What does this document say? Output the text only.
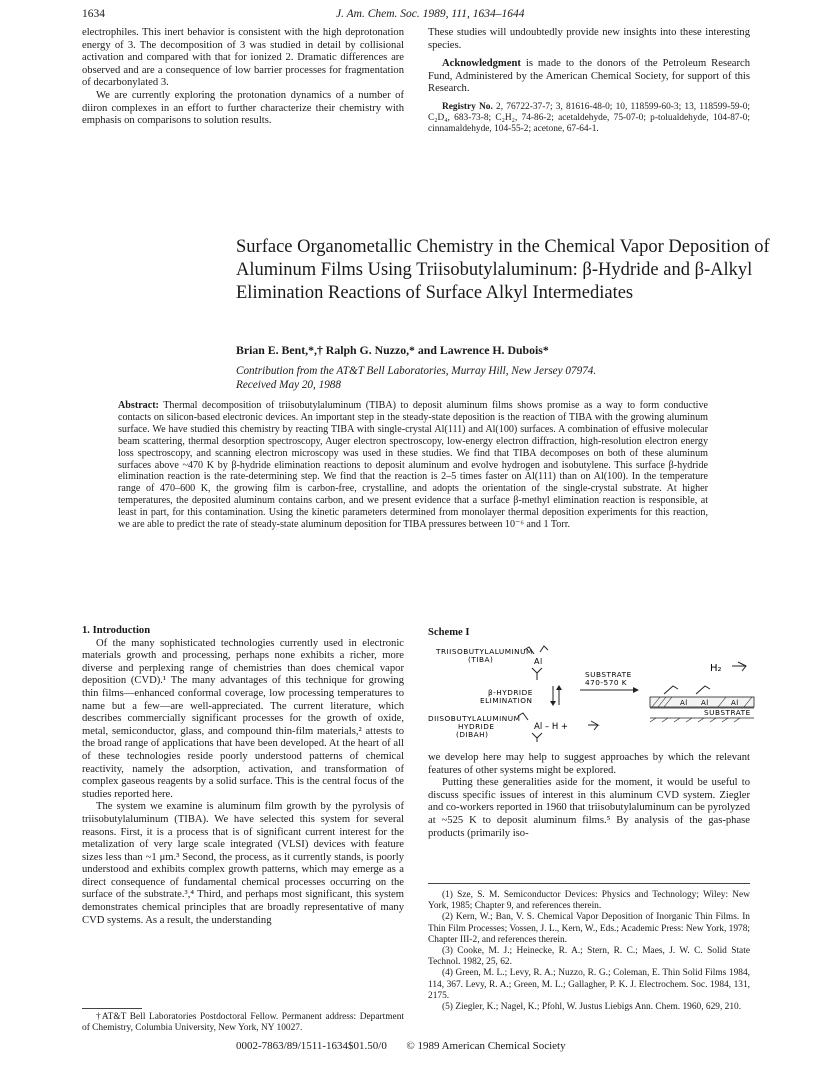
1634	J. Am. Chem. Soc. 1989, 111, 1634–1644

electrophiles. This inert behavior is consistent with the high deprotonation energy of 3. The decomposition of 3 was studied in detail by collisional activation and compared with that for ionized 2. Dramatic differences are observed and are a consequence of low barrier processes for fragmentation of decarbonylated 3.

We are currently exploring the protonation dynamics of a number of diiron complexes in an effort to further characterize their chemistry with emphasis on comparisons to solution results.

These studies will undoubtedly provide new insights into these interesting species.

Acknowledgment is made to the donors of the Petroleum Research Fund, Administered by the American Chemical Society, for support of this Research.

Registry No. 2, 76722-37-7; 3, 81616-48-0; 10, 118599-60-3; 13, 118599-59-0; C₂D₄, 683-73-8; C₂H₂, 74-86-2; acetaldehyde, 75-07-0; p-tolualdehyde, 104-87-0; cinnamaldehyde, 104-55-2; acetone, 67-64-1.

Surface Organometallic Chemistry in the Chemical Vapor Deposition of Aluminum Films Using Triisobutylaluminum: β-Hydride and β-Alkyl Elimination Reactions of Surface Alkyl Intermediates
Brian E. Bent,*,† Ralph G. Nuzzo,* and Lawrence H. Dubois*
Contribution from the AT&T Bell Laboratories, Murray Hill, New Jersey 07974.
Received May 20, 1988
Abstract: Thermal decomposition of triisobutylaluminum (TIBA) to deposit aluminum films shows promise as a way to form conductive contacts on silicon-based electronic devices. An important step in the steady-state deposition is the reaction of TIBA with the growing aluminum surface. We have studied this chemistry by reacting TIBA with single-crystal Al(111) and Al(100) surfaces. A combination of effusive molecular beam scattering, thermal desorption spectroscopy, Auger electron spectroscopy, low-energy electron diffraction, high-resolution electron energy loss spectroscopy, and scanning electron microscopy was used in these studies. We find that TIBA decomposes on both of these aluminum surfaces above ~470 K by β-hydride elimination reactions to deposit aluminum and evolve hydrogen and isobutylene. This surface β-hydride elimination reaction is the rate-determining step. We find that the reaction is 2–5 times faster on Al(111) than on Al(100). In the temperature range of 470–600 K, the growing film is carbon-free, crystalline, and adopts the orientation of the single-crystal substrate. At higher temperatures, the deposited aluminum contains carbon, and we present evidence that a surface β-methyl elimination reaction is responsible, at least in part, for this contamination. Using the kinetic parameters determined from monolayer thermal deposition experiments for this reaction, we are able to predict the rate of steady-state aluminum deposition for TIBA pressures between 10⁻⁶ and 1 Torr.

1. Introduction

Of the many sophisticated technologies currently used in electronic materials growth and processing, perhaps none exhibits a richer, more diverse and perplexing range of chemistries than does chemical vapor deposition (CVD).¹ The many advantages of this technique for growing thin films—enhanced conformal coverage, low processing temperatures to name but a few—are well-appreciated. The current literature, which describes commercially significant processes for the growth of oxide, metal, semiconductor, glass, and compound thin-film materials,² attests to the broad range of applications that have been developed. At the heart of all of these technologies reside poorly understood patterns of chemical reactivity, namely the adsorption, activation, and transformation of complex gaseous reagents by a solid surface. This is the central focus of the studies reported here.

The system we examine is aluminum film growth by the pyrolysis of triisobutylaluminum (TIBA). We have selected this system for several reasons. First, it is a process that is of significant current interest for the metalization of very large scale integrated (VLSI) devices with feature sizes less than ~1 μm.³ Second, the process, as it currently stands, is poorly understood and exhibits complex growth patterns, which may emerge as a direct consequence of fundamental chemical processes occurring on the surface of the substrate.³,⁴ Third, and perhaps most significant, this system demonstrates chemical principles that are broadly representative of many CVD systems. As a result, the understanding

†AT&T Bell Laboratories Postdoctoral Fellow. Permanent address: Department of Chemistry, Columbia University, New York, NY 10027.

Scheme I
TRIISOBUTYLALUMINUM
(TIBA)	Al
β-HYDRIDE
ELIMINATION
SUBSTRATE
470-570 K
H₂
Al Al	Al
SUBSTRATE
DIISOBUTYLALUMINUM
HYDRIDE
(DIBAH)
Al – H +

we develop here may help to suggest approaches by which the relevant features of other systems might be explored.

Putting these generalities aside for the moment, it would be useful to discuss specific issues of interest in this aluminum CVD system. Ziegler and co-workers reported in 1960 that triisobutylaluminum can be pyrolyzed at ~525 K to deposit aluminum films.⁵ By analysis of the gas-phase products (primarily iso-

(1) Sze, S. M. Semiconductor Devices: Physics and Technology; Wiley: New York, 1985; Chapter 9, and references therein.

(2) Kern, W.; Ban, V. S. Chemical Vapor Deposition of Inorganic Thin Films. In Thin Film Processes; Vossen, J. L., Kern, W., Eds.; Academic Press: New York, 1978; Chapter III-2, and references therein.

(3) Cooke, M. J.; Heinecke, R. A.; Stern, R. C.; Maes, J. W. C. Solid State Technol. 1982, 25, 62.

(4) Green, M. L.; Levy, R. A.; Nuzzo, R. G.; Coleman, E. Thin Solid Films 1984, 114, 367. Levy, R. A.; Green, M. L.; Gallagher, P. K. J. Electrochem. Soc. 1984, 131, 2175.

(5) Ziegler, K.; Nagel, K.; Pfohl, W. Justus Liebigs Ann. Chem. 1960, 629, 210.

0002-7863/89/1511-1634$01.50/0 © 1989 American Chemical Society
